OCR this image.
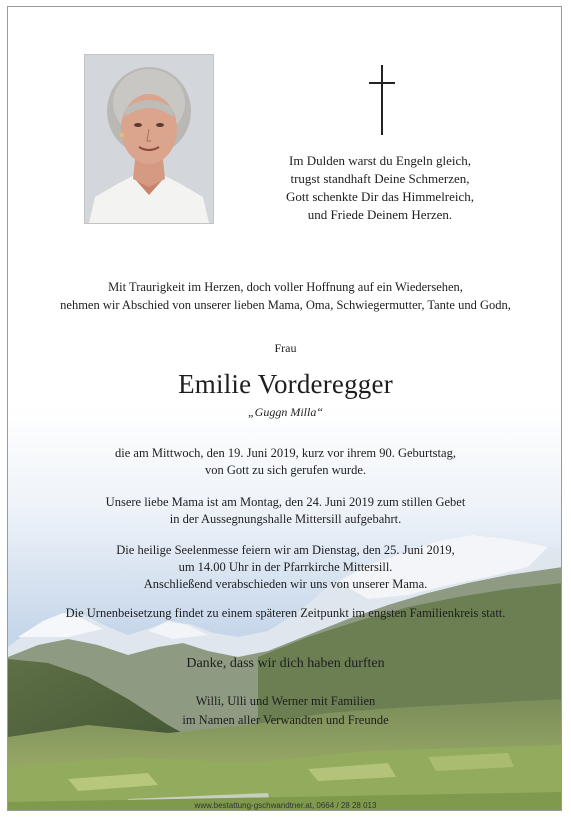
Im Dulden warst du Engeln gleich,
trugst standhaft Deine Schmerzen,
Gott schenkte Dir das Himmelreich,
und Friede Deinem Herzen.
Mit Traurigkeit im Herzen, doch voller Hoffnung auf ein Wiedersehen,
nehmen wir Abschied von unserer lieben Mama, Oma, Schwiegermutter, Tante und Godn,
Frau
Emilie Vorderegger
„Guggn Milla“
die am Mittwoch, den 19. Juni 2019, kurz vor ihrem 90. Geburtstag,
von Gott zu sich gerufen wurde.
Unsere liebe Mama ist am Montag, den 24. Juni 2019 zum stillen Gebet
in der Aussegnungshalle Mittersill aufgebahrt.
Die heilige Seelenmesse feiern wir am Dienstag, den 25. Juni 2019,
um 14.00 Uhr in der Pfarrkirche Mittersill.
Anschließend verabschieden wir uns von unserer Mama.
Die Urnenbeisetzung findet zu einem späteren Zeitpunkt im engsten Familienkreis statt.
Danke, dass wir dich haben durften
Willi, Ulli und Werner mit Familien
im Namen aller Verwandten und Freunde
www.bestattung-gschwandtner.at, 0664 / 28 28 013
